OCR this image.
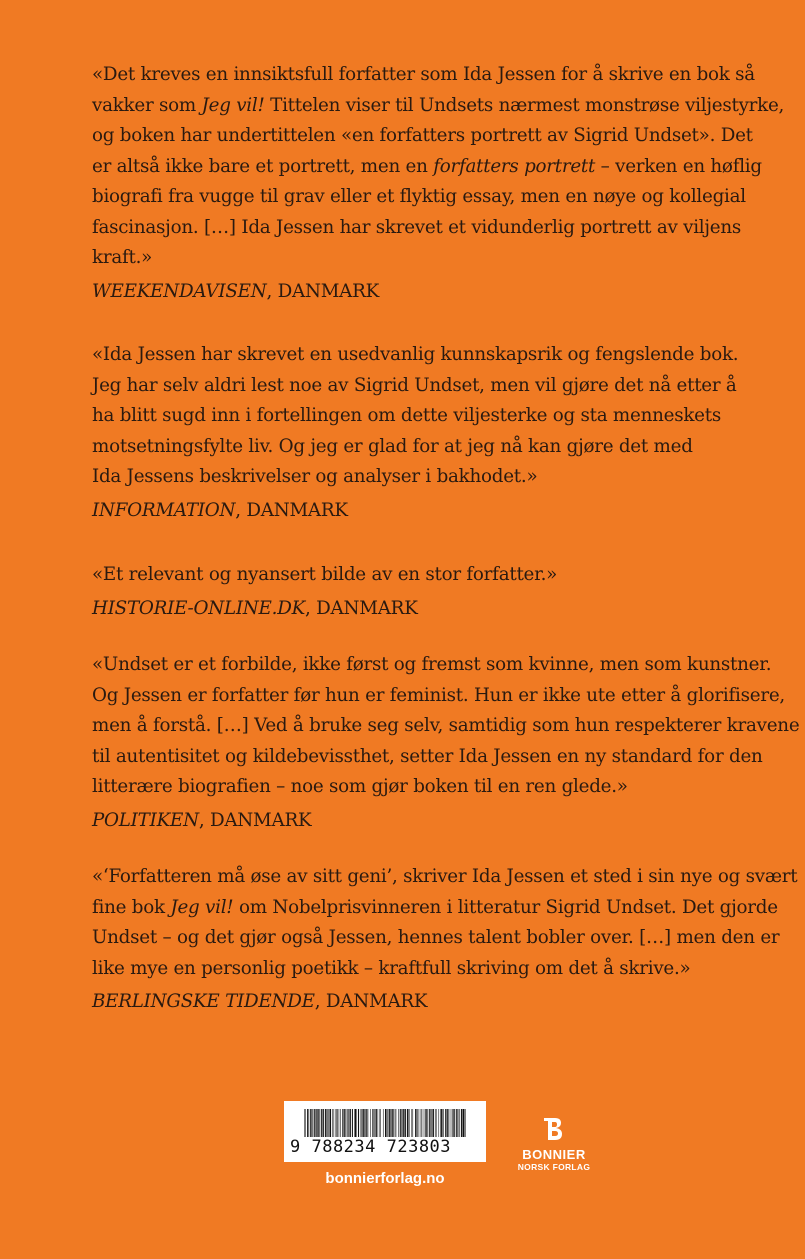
«Det kreves en innsiktsfull forfatter som Ida Jessen for å skrive en bok så
vakker som Jeg vil! Tittelen viser til Undsets nærmest monstrøse viljestyrke,
og boken har undertittelen «en forfatters portrett av Sigrid Undset». Det
er altså ikke bare et portrett, men en forfatters portrett – verken en høflig
biografi fra vugge til grav eller et flyktig essay, men en nøye og kollegial
fascinasjon. […] Ida Jessen har skrevet et vidunderlig portrett av viljens
kraft.»
WEEKENDAVISEN, DANMARK
«Ida Jessen har skrevet en usedvanlig kunnskapsrik og fengslende bok.
Jeg har selv aldri lest noe av Sigrid Undset, men vil gjøre det nå etter å
ha blitt sugd inn i fortellingen om dette viljesterke og sta menneskets
motsetningsfylte liv. Og jeg er glad for at jeg nå kan gjøre det med
Ida Jessens beskrivelser og analyser i bakhodet.»
INFORMATION, DANMARK
«Et relevant og nyansert bilde av en stor forfatter.»
HISTORIE-ONLINE.DK, DANMARK
«Undset er et forbilde, ikke først og fremst som kvinne, men som kunstner.
Og Jessen er forfatter før hun er feminist. Hun er ikke ute etter å glorifisere,
men å forstå. […] Ved å bruke seg selv, samtidig som hun respekterer kravene
til autentisitet og kildebevissthet, setter Ida Jessen en ny standard for den
litterære biografien – noe som gjør boken til en ren glede.»
POLITIKEN, DANMARK
«‘Forfatteren må øse av sitt geni’, skriver Ida Jessen et sted i sin nye og svært
fine bok Jeg vil! om Nobelprisvinneren i litteratur Sigrid Undset. Det gjorde
Undset – og det gjør også Jessen, hennes talent bobler over. […] men den er
like mye en personlig poetikk – kraftfull skriving om det å skrive.»
BERLINGSKE TIDENDE, DANMARK
9 788234 723803
bonnierforlag.no
BONNIER
NORSK FORLAG
